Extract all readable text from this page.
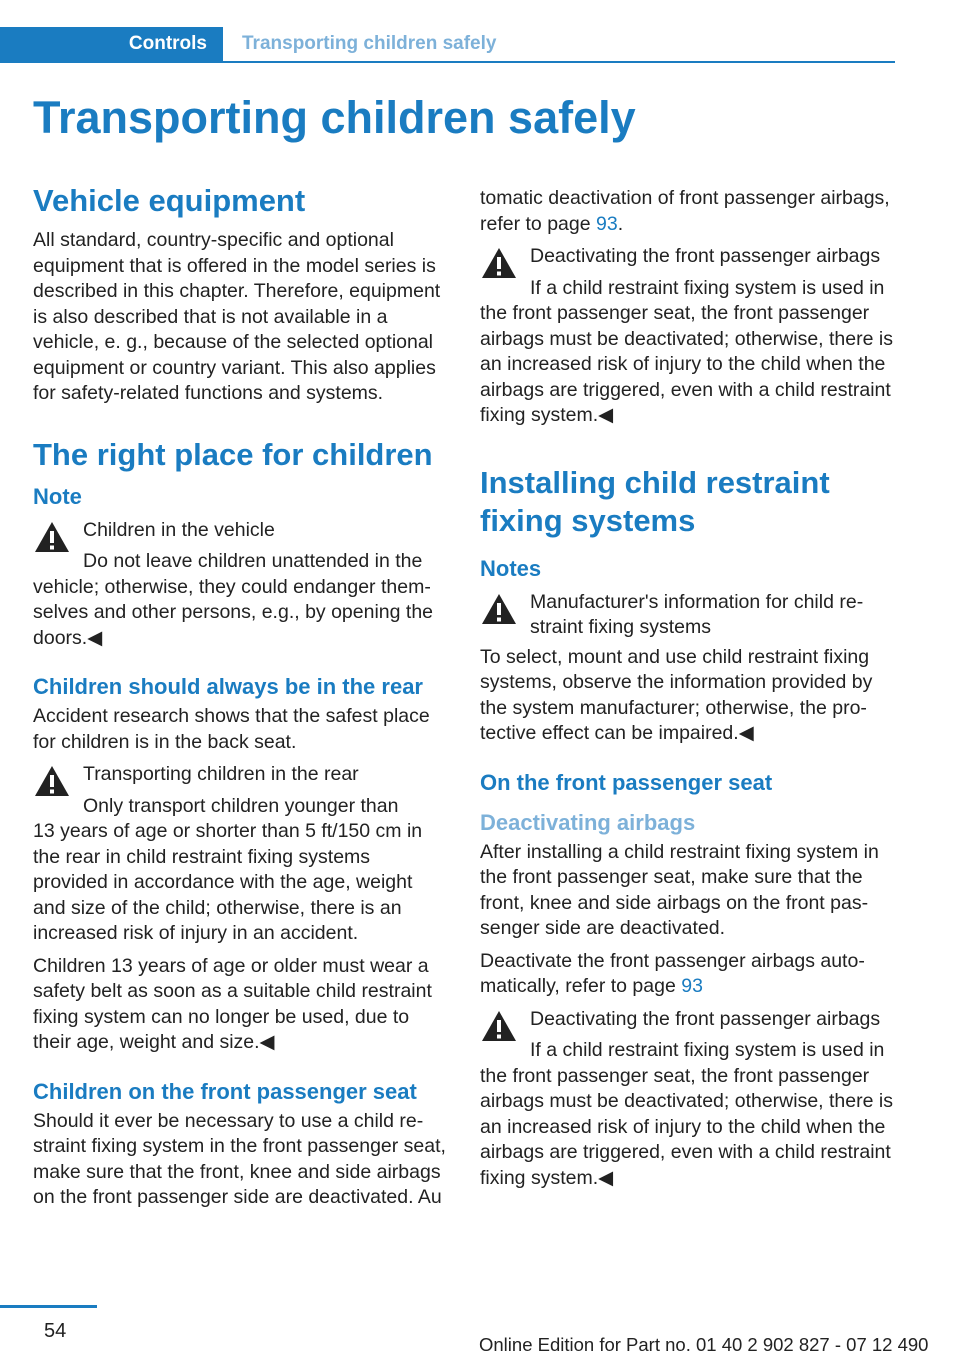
Controls	Transporting children safely
Transporting children safely
Vehicle equipment

All standard, country-specific and optional equipment that is offered in the model series is described in this chapter. Therefore, equipment is also described that is not available in a vehicle, e. g., because of the selected optional equipment or country variant. This also applies for safety-related functions and systems.

The right place for children
Note

Children in the vehicle

Do not leave children unattended in the

vehicle; otherwise, they could endanger themselves and other persons, e.g., by opening the doors.◀

Children should always be in the rear

Accident research shows that the safest place for children is in the back seat.

Transporting children in the rear

Only transport children younger than

13 years of age or shorter than 5 ft/150 cm in the rear in child restraint fixing systems provided in accordance with the age, weight and size of the child; otherwise, there is an increased risk of injury in an accident.

Children 13 years of age or older must wear a safety belt as soon as a suitable child restraint fixing system can no longer be used, due to their age, weight and size.◀

Children on the front passenger seat

Should it ever be necessary to use a child restraint fixing system in the front passenger seat, make sure that the front, knee and side airbags on the front passenger side are deactivated. Au

tomatic deactivation of front passenger airbags, refer to page 93.

Deactivating the front passenger airbags

If a child restraint fixing system is used in

the front passenger seat, the front passenger airbags must be deactivated; otherwise, there is an increased risk of injury to the child when the airbags are triggered, even with a child restraint fixing system.◀

Installing child restraint fixing systems
Notes

Manufacturer's information for child restraint fixing systems

To select, mount and use child restraint fixing systems, observe the information provided by the system manufacturer; otherwise, the protective effect can be impaired.◀

On the front passenger seat
Deactivating airbags

After installing a child restraint fixing system in the front passenger seat, make sure that the front, knee and side airbags on the front passenger side are deactivated.

Deactivate the front passenger airbags automatically, refer to page 93

Deactivating the front passenger airbags

If a child restraint fixing system is used in

the front passenger seat, the front passenger airbags must be deactivated; otherwise, there is an increased risk of injury to the child when the airbags are triggered, even with a child restraint fixing system.◀

54
Online Edition for Part no. 01 40 2 902 827 - 07 12 490
